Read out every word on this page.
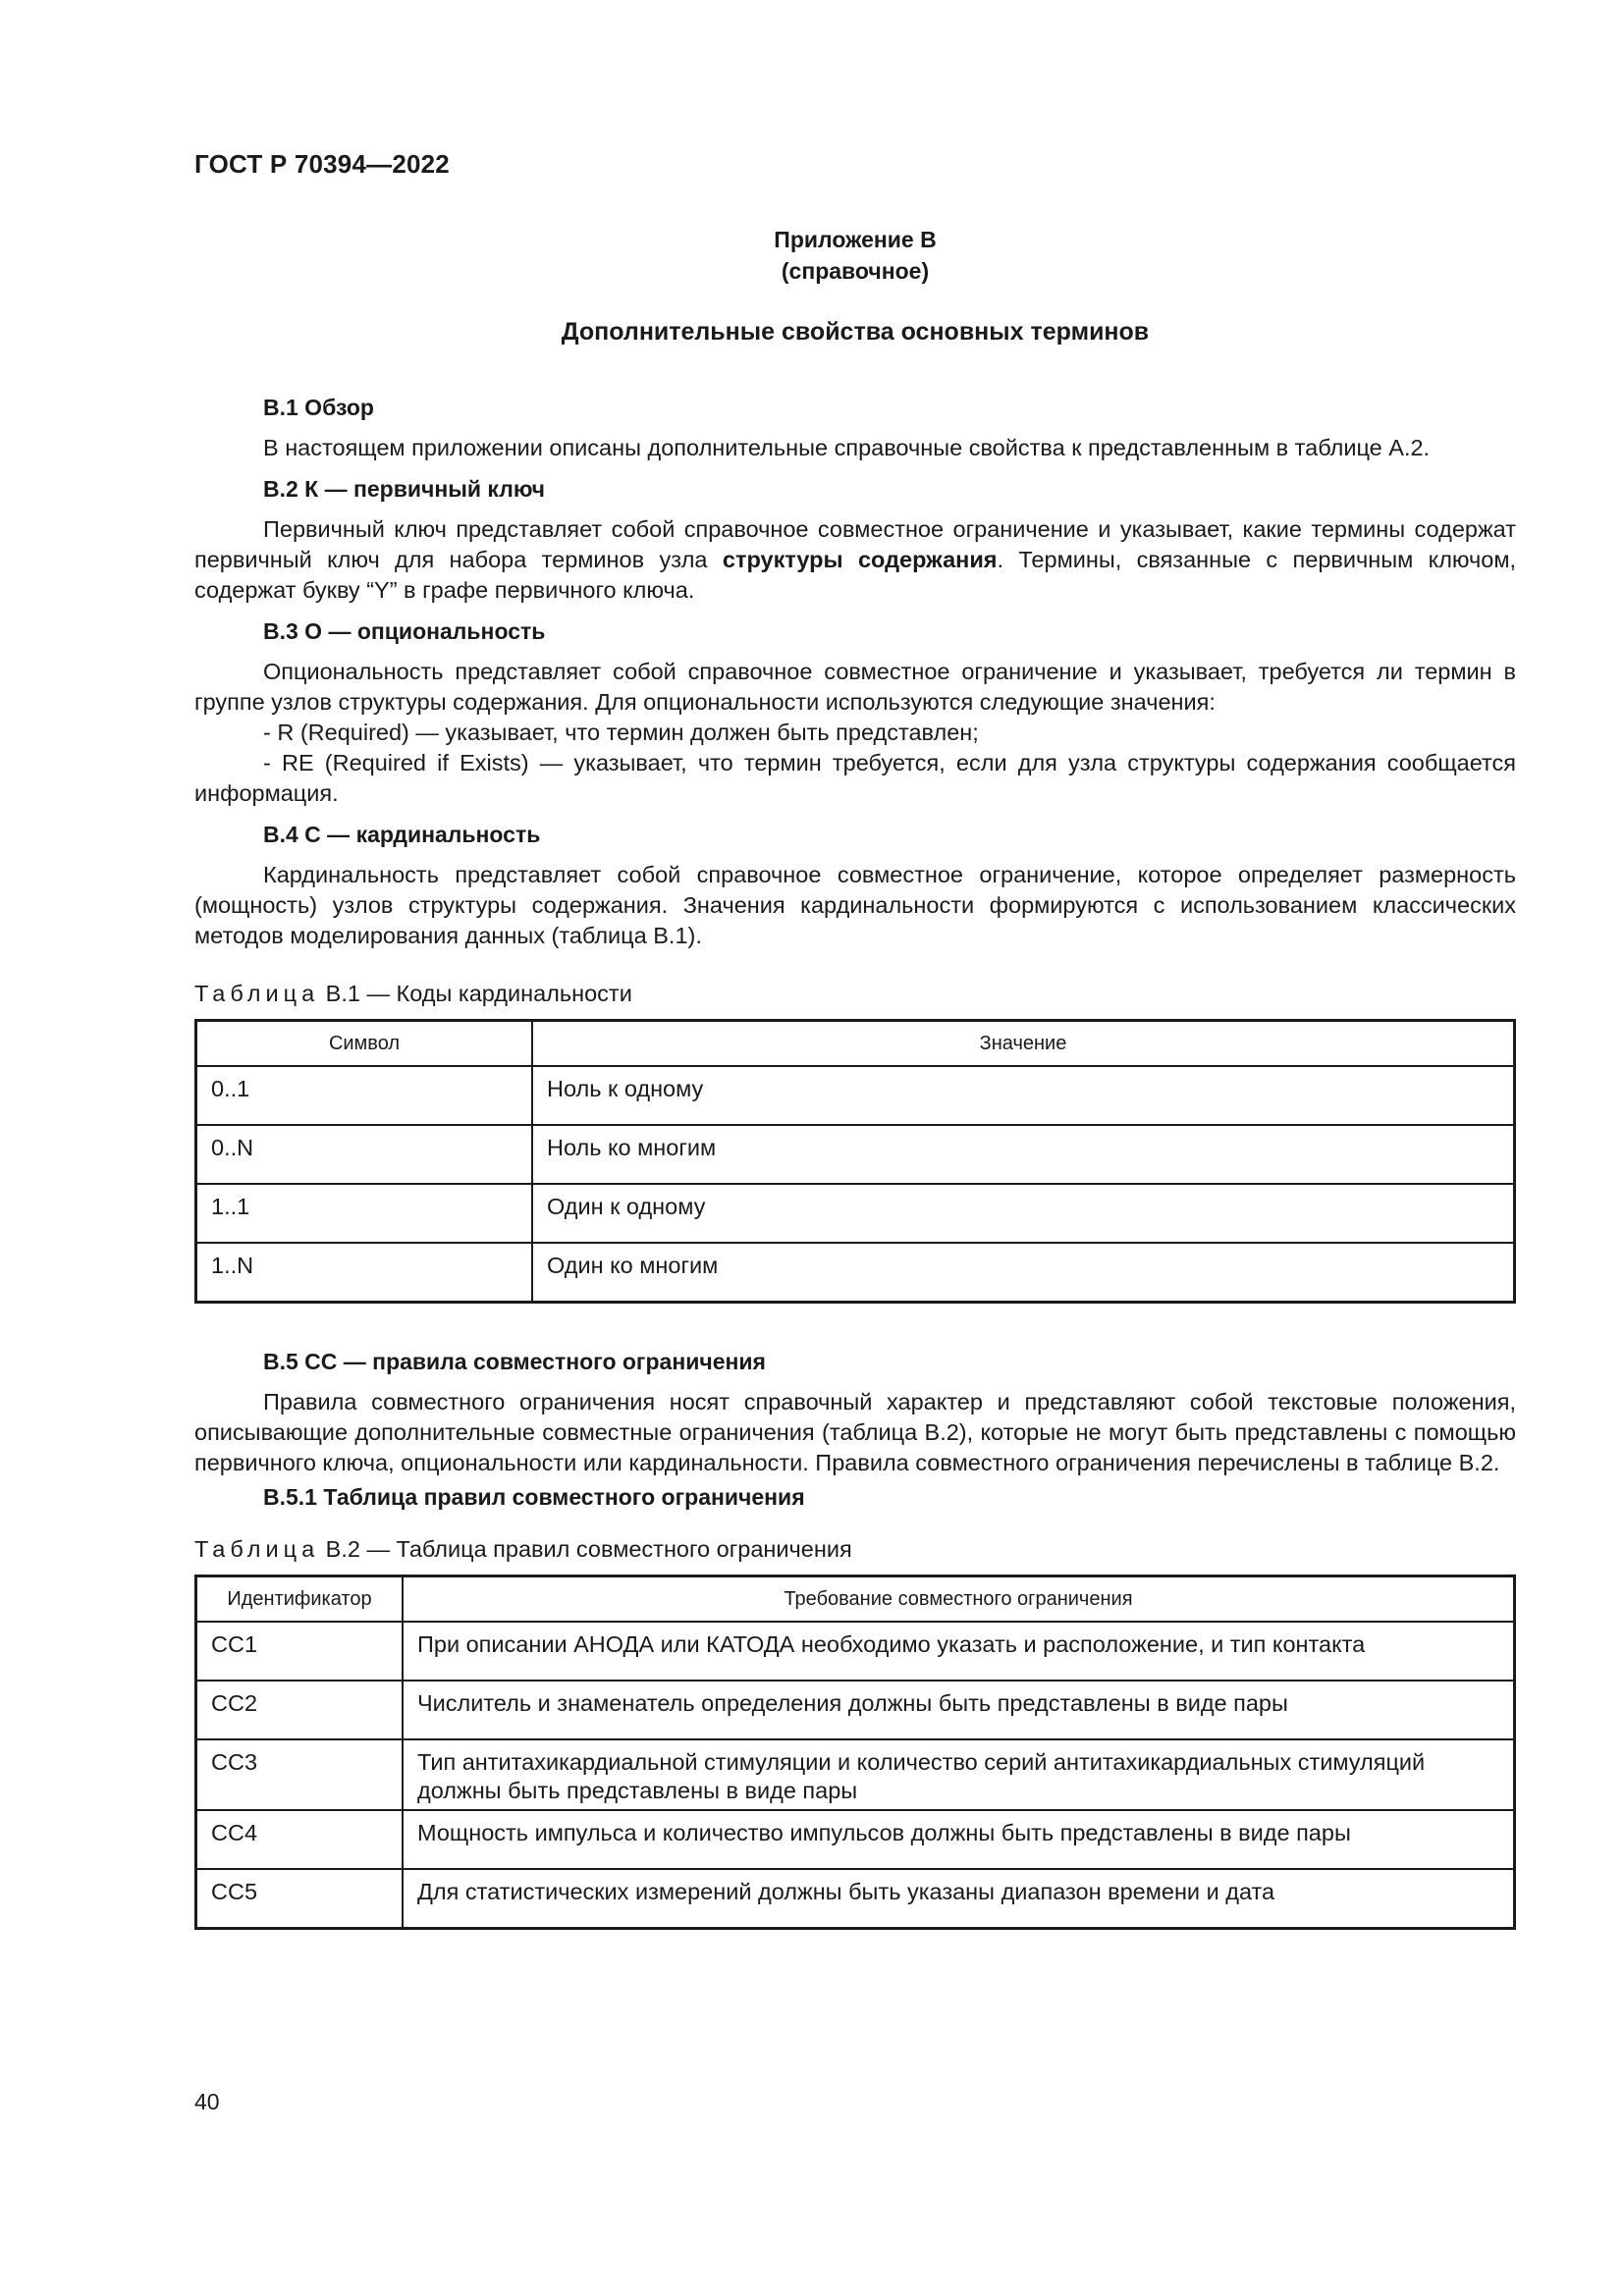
ГОСТ Р 70394—2022
Приложение В
(справочное)
Дополнительные свойства основных терминов
В.1 Обзор

В настоящем приложении описаны дополнительные справочные свойства к представленным в таблице А.2.

В.2 К — первичный ключ

Первичный ключ представляет собой справочное совместное ограничение и указывает, какие термины содержат первичный ключ для набора терминов узла структуры содержания. Термины, связанные с первичным ключом, содержат букву “Y” в графе первичного ключа.

В.3 О — опциональность

Опциональность представляет собой справочное совместное ограничение и указывает, требуется ли термин в группе узлов структуры содержания. Для опциональности используются следующие значения:

- R (Required) — указывает, что термин должен быть представлен;

- RE (Required if Exists) — указывает, что термин требуется, если для узла структуры содержания сообщается информация.

В.4 С — кардинальность

Кардинальность представляет собой справочное совместное ограничение, которое определяет размерность (мощность) узлов структуры содержания. Значения кардинальности формируются с использованием классических методов моделирования данных (таблица В.1).

Таблица В.1 — Коды кардинальности
Символ	Значение
0..1	Ноль к одному
0..N	Ноль ко многим
1..1	Один к одному
1..N	Один ко многим
В.5 СС — правила совместного ограничения

Правила совместного ограничения носят справочный характер и представляют собой текстовые положения, описывающие дополнительные совместные ограничения (таблица В.2), которые не могут быть представлены с помощью первичного ключа, опциональности или кардинальности. Правила совместного ограничения перечислены в таблице В.2.

В.5.1 Таблица правил совместного ограничения
Таблица В.2 — Таблица правил совместного ограничения
Идентификатор	Требование совместного ограничения
СС1	При описании АНОДА или КАТОДА необходимо указать и расположение, и тип контакта
СС2	Числитель и знаменатель определения должны быть представлены в виде пары
СС3	Тип антитахикардиальной стимуляции и количество серий антитахикардиальных стимуляций должны быть представлены в виде пары
СС4	Мощность импульса и количество импульсов должны быть представлены в виде пары
СС5	Для статистических измерений должны быть указаны диапазон времени и дата
40
